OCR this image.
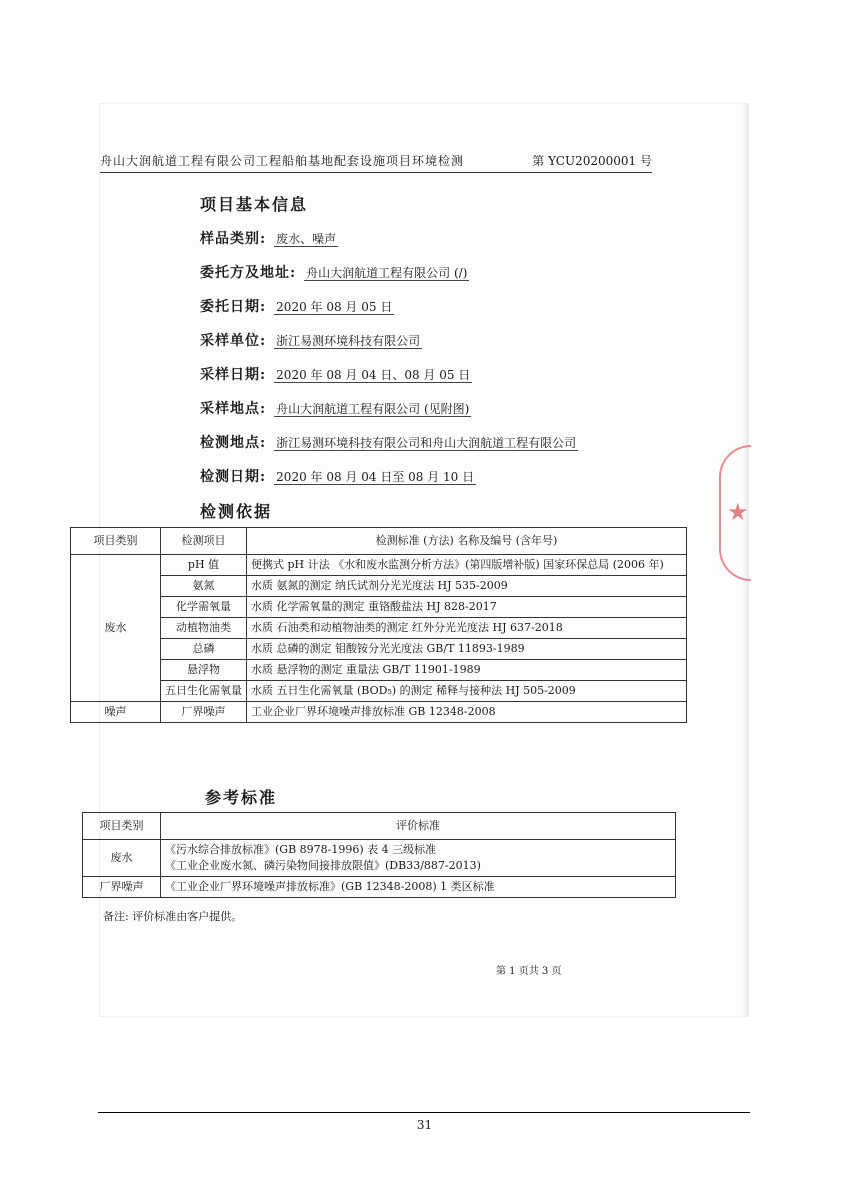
★
舟山大润航道工程有限公司工程船舶基地配套设施项目环境检测	第 YCU20200001 号
项目基本信息
样品类别: 废水、噪声
委托方及地址: 舟山大润航道工程有限公司 (/)
委托日期: 2020 年 08 月 05 日
采样单位: 浙江易测环境科技有限公司
采样日期: 2020 年 08 月 04 日、08 月 05 日
采样地点: 舟山大润航道工程有限公司 (见附图)
检测地点: 浙江易测环境科技有限公司和舟山大润航道工程有限公司
检测日期: 2020 年 08 月 04 日至 08 月 10 日
检测依据
项目类别	检测项目	检测标准 (方法) 名称及编号 (含年号)
废水	pH 值	便携式 pH 计法 《水和废水监测分析方法》(第四版增补版) 国家环保总局 (2006 年)
	氨氮	水质 氨氮的测定 纳氏试剂分光光度法 HJ 535-2009
	化学需氧量	水质 化学需氧量的测定 重铬酸盐法 HJ 828-2017
	动植物油类	水质 石油类和动植物油类的测定 红外分光光度法 HJ 637-2018
	总磷	水质 总磷的测定 钼酸铵分光光度法 GB/T 11893-1989
	悬浮物	水质 悬浮物的测定 重量法 GB/T 11901-1989
	五日生化需氧量	水质 五日生化需氧量 (BOD₅) 的测定 稀释与接种法 HJ 505-2009
噪声	厂界噪声	工业企业厂界环境噪声排放标准 GB 12348-2008
参考标准
项目类别	评价标准
废水	《污水综合排放标准》(GB 8978-1996) 表 4 三级标准
《工业企业废水氮、磷污染物间接排放限值》(DB33/887-2013)

厂界噪声	《工业企业厂界环境噪声排放标准》(GB 12348-2008) 1 类区标准
备注: 评价标准由客户提供。
第 1 页共 3 页
31
